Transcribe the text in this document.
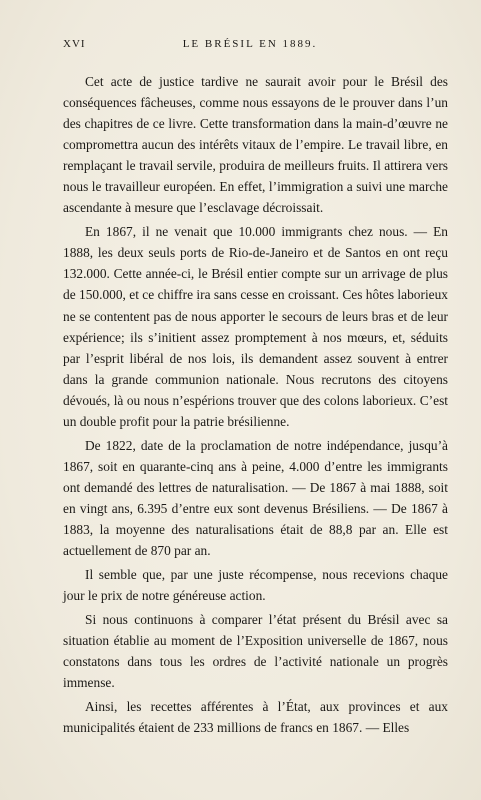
XVI	LE BRÉSIL EN 1889.

Cet acte de justice tardive ne saurait avoir pour le Brésil des conséquences fâcheuses, comme nous essayons de le prouver dans l’un des chapitres de ce livre. Cette transformation dans la main-d’œuvre ne compromettra aucun des intérêts vitaux de l’empire. Le travail libre, en remplaçant le travail servile, produira de meilleurs fruits. Il attirera vers nous le travailleur européen. En effet, l’immigration a suivi une marche ascendante à mesure que l’esclavage décroissait.

En 1867, il ne venait que 10.000 immigrants chez nous. — En 1888, les deux seuls ports de Rio-de-Janeiro et de Santos en ont reçu 132.000. Cette année-ci, le Brésil entier compte sur un arrivage de plus de 150.000, et ce chiffre ira sans cesse en croissant. Ces hôtes laborieux ne se contentent pas de nous apporter le secours de leurs bras et de leur expérience; ils s’initient assez promptement à nos mœurs, et, séduits par l’esprit libéral de nos lois, ils demandent assez souvent à entrer dans la grande communion nationale. Nous recrutons des citoyens dévoués, là ou nous n’espérions trouver que des colons laborieux. C’est un double profit pour la patrie brésilienne.

De 1822, date de la proclamation de notre indépendance, jusqu’à 1867, soit en quarante-cinq ans à peine, 4.000 d’entre les immigrants ont demandé des lettres de naturalisation. — De 1867 à mai 1888, soit en vingt ans, 6.395 d’entre eux sont devenus Brésiliens. — De 1867 à 1883, la moyenne des naturalisations était de 88,8 par an. Elle est actuellement de 870 par an.

Il semble que, par une juste récompense, nous recevions chaque jour le prix de notre généreuse action.

Si nous continuons à comparer l’état présent du Brésil avec sa situation établie au moment de l’Exposition universelle de 1867, nous constatons dans tous les ordres de l’activité nationale un progrès immense.

Ainsi, les recettes afférentes à l’État, aux provinces et aux municipalités étaient de 233 millions de francs en 1867. — Elles
